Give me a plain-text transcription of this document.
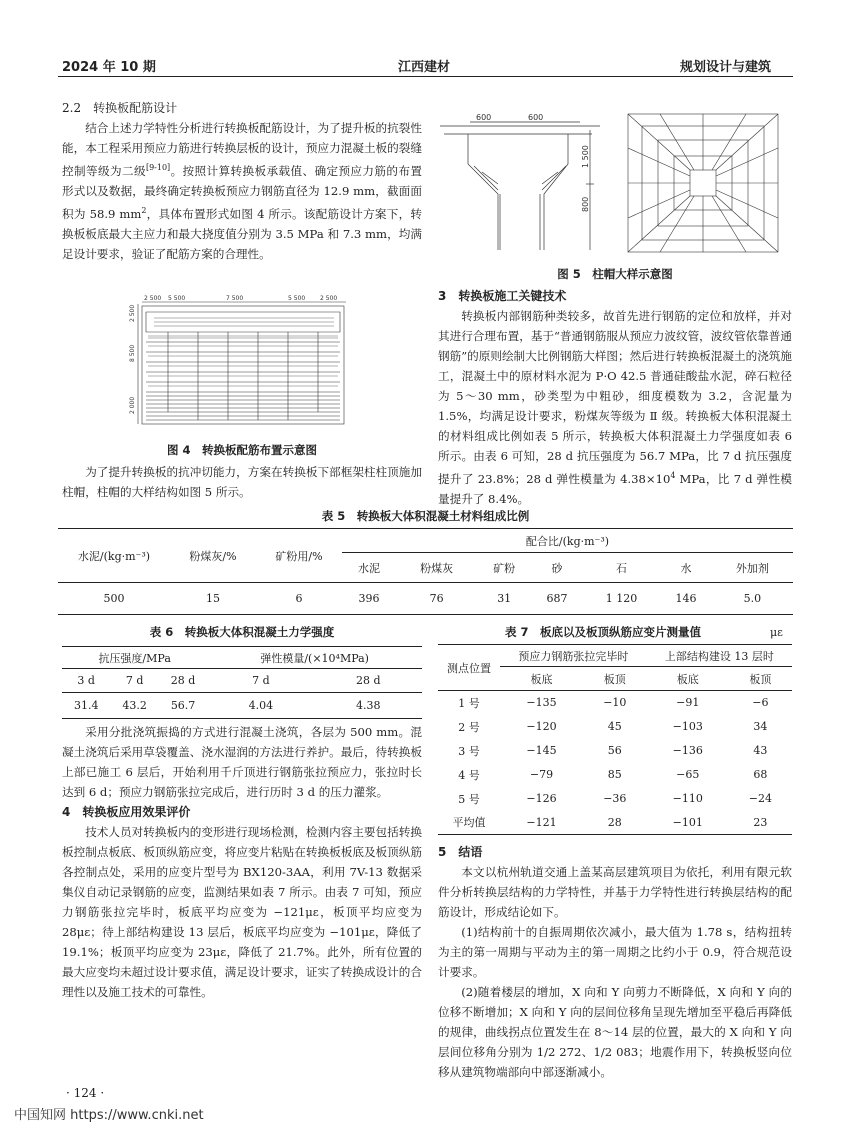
2024 年 10 期	江西建材	规划设计与建筑

2.2　转换板配筋设计

结合上述力学特性分析进行转换板配筋设计，为了提升板的抗裂性能，本工程采用预应力筋进行转换层板的设计，预应力混凝土板的裂缝控制等级为二级[9-10]。按照计算转换板承载值、确定预应力筋的布置形式以及数据，最终确定转换板预应力钢筋直径为 12.9 mm，截面面积为 58.9 $mm^2$，具体布置形式如图 4 所示。该配筋设计方案下，转换板板底最大主应力和最大挠度值分别为 3.5 MPa 和 7.3 mm，均满足设计要求，验证了配筋方案的合理性。

2 500 5 500	7 500	5 500 2 500
2 500
8 500
2 000
图 4　转换板配筋布置示意图

为了提升转换板的抗冲切能力，方案在转换板下部框架柱柱顶施加柱帽，柱帽的大样结构如图 5 所示。

600	600
1 500
800
图 5　柱帽大样示意图

3　转换板施工关键技术

转换板内部钢筋种类较多，故首先进行钢筋的定位和放样，并对其进行合理布置，基于“普通钢筋服从预应力波纹管，波纹管依靠普通钢筋”的原则绘制大比例钢筋大样图；然后进行转换板混凝土的浇筑施工，混凝土中的原材料水泥为 P·O 42.5 普通硅酸盐水泥，碎石粒径为 5～30 mm，砂类型为中粗砂，细度模数为 3.2，含泥量为 1.5%，均满足设计要求，粉煤灰等级为 Ⅱ 级。转换板大体积混凝土的材料组成比例如表 5 所示，转换板大体积混凝土力学强度如表 6 所示。由表 6 可知，28 d 抗压强度为 56.7 MPa，比 7 d 抗压强度提升了 23.8%；28 d 弹性模量为 $4.38\times 10^4$ MPa，比 7 d 弹性模量提升了 8.4%。

表 5　转换板大体积混凝土材料组成比例
水泥/(kg·m⁻³)	粉煤灰/%	矿粉用/%	配合比/(kg·m⁻³)						
			水泥	粉煤灰	矿粉	砂	石	水	外加剂
500	15	6	396	76	31	687	1 120	146	5.0
表 6　转换板大体积混凝土力学强度
抗压强度/MPa			弹性模量/(×10⁴MPa)	
3 d	7 d	28 d	7 d	28 d
31.4	43.2	56.7	4.04	4.38

采用分批浇筑振捣的方式进行混凝土浇筑，各层为 500 mm。混凝土浇筑后采用草袋覆盖、浇水湿润的方法进行养护。最后，待转换板上部已施工 6 层后，开始利用千斤顶进行钢筋张拉预应力，张拉时长达到 6 d；预应力钢筋张拉完成后，进行历时 3 d 的压力灌浆。

4　转换板应用效果评价

技术人员对转换板内的变形进行现场检测，检测内容主要包括转换板控制点板底、板顶纵筋应变，将应变片粘贴在转换板板底及板顶纵筋各控制点处，采用的应变片型号为 BX120-3AA，利用 7V-13 数据采集仪自动记录钢筋的应变，监测结果如表 7 所示。由表 7 可知，预应力钢筋张拉完毕时，板底平均应变为 −121με，板顶平均应变为 28με；待上部结构建设 13 层后，板底平均应变为 −101με，降低了 19.1%；板顶平均应变为 23με，降低了 21.7%。此外，所有位置的最大应变均未超过设计要求值，满足设计要求，证实了转换成设计的合理性以及施工技术的可靠性。

表 7　板底以及板顶纵筋应变片测量值	με
测点位置	预应力钢筋张拉完毕时		上部结构建设 13 层时	
	板底	板顶	板底	板顶
1 号	−135	−10	−91	−6
2 号	−120	45	−103	34
3 号	−145	56	−136	43
4 号	−79	85	−65	68
5 号	−126	−36	−110	−24
平均值	−121	28	−101	23

5　结语

本文以杭州轨道交通上盖某高层建筑项目为依托，利用有限元软件分析转换层结构的力学特性，并基于力学特性进行转换层结构的配筋设计，形成结论如下。

(1)结构前十的自振周期依次减小，最大值为 1.78 s，结构扭转为主的第一周期与平动为主的第一周期之比约小于 0.9，符合规范设计要求。

(2)随着楼层的增加，X 向和 Y 向剪力不断降低，X 向和 Y 向的位移不断增加；X 向和 Y 向的层间位移角呈现先增加至平稳后再降低的规律，曲线拐点位置发生在 8～14 层的位置，最大的 X 向和 Y 向层间位移角分别为 1/2 272、1/2 083；地震作用下，转换板竖向位移从建筑物端部向中部逐渐减小。

· 124 ·
中国知网 https://www.cnki.net
